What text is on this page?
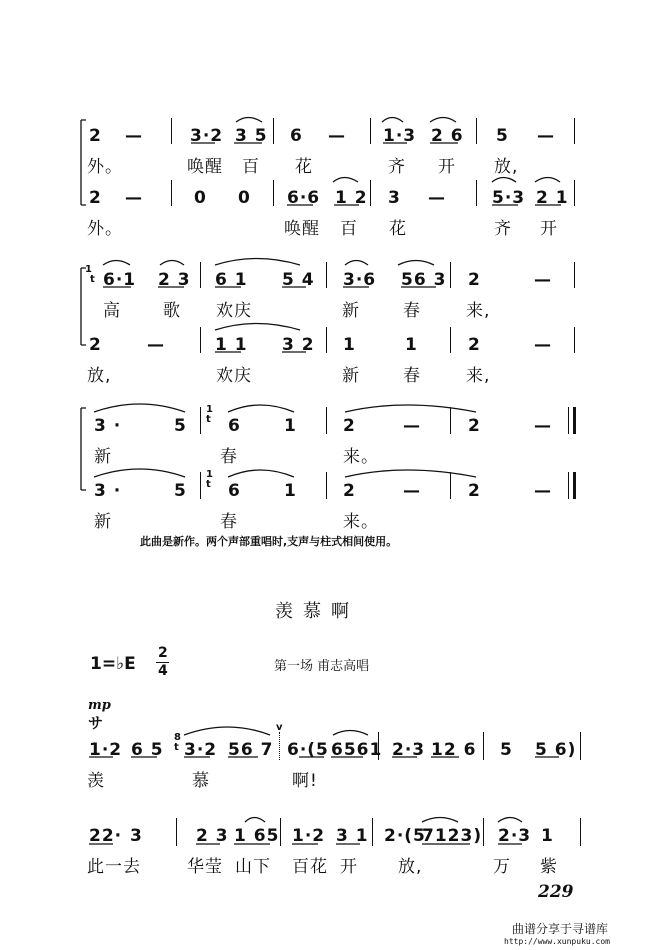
1
t
1
t
1
t
8
t
v
2 —	3·2 3 5 6 — 1·3 2 6 5 —
外。	唤醒 百 花	齐 开 放,
2 —	0 0 6·6 1 2 3 —	5·3 2 1
外。	唤醒 百 花	齐 开
6·1 2 3 6 1 5 4 3·6 56 3 2	—
高 歌 欢庆	新	春	来,
2	—	1 1 3 2 1	1	2	—
放,	欢庆	新	春	来,
3 ·	5 6	1	2	—	2	—
新	春	来。
3 ·	5 6	1	2	—	2	—
新	春	来。
此曲是新作。两个声部重唱时,支声与柱式相间使用。
羡慕啊
1=♭E
2
4	第一场 甫志高唱
mp
サ
1·2 6 5 3·2 56 7 6·(5 6561 2·3 12 6 5 5 6)
羡	慕	啊!
22· 3	2 3 1 65 1·2 3 1 2·(5
7123) 2·3 1
此一去	华莹 山下 百花 开 放,	万 紫
229
曲谱分享于寻谱库
http://www.xunpuku.com
